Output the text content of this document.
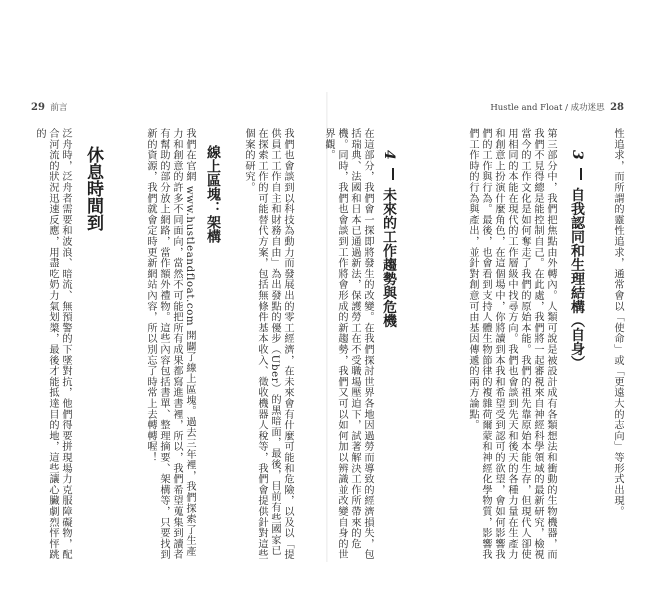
29 前言	Hustle and Float / 成功迷思 28
性追求，而所謂的靈性追求，通常會以「使命」或「更遠大的志向」等形式出現。
3  自我認同和生理結構（自身）
第三部分中，我們把焦點由外轉內。人類可說是被設計成有各類想法和衝動的生物機器，而我們不見得總是能控制自己。在此處，我們將一起審視來自神經科學領域的最新研究，檢視當今的工作文化是如何奪走了我們的原始本能。我們的祖先靠原始本能生存，但現代人卻使用相同的本能在現代的工作層級中找尋方向。我們也會談到先天和後天的各種力量在生產力和創意上扮演什麼角色，在這個場中，你將讀到本我和希望受到認可的欲望，會如何影響我們的工作與行為。最後，也會看到支持人體生物節律的複雜荷爾蒙和神經化學物質，影響我們工作時的行為與產出，並針對創意可由基因傳遞的兩方論點。
4  未來的工作趨勢與危機
在這部分，我們會一探即將發生的改變。在我們探討世界各地因過勞而導致的經濟損失，包括瑞典、法國和日本已通過新法，保護勞工在不受職場壓迫下，試著解決工作所帶來的危機。同時，我們也會談到工作將會形成的新趨勢，我們又可以如何加以辨識並改變自身的世界觀。
我們也會談到以科技為動力而發展出的零工經濟，在未來會有什麼可能和危險，以及以「提供員工工作自主和財務自由」為出發點的優步（Uber）的黑暗面，最後，目前有些國家已在探索工作的可能替代方案，包括無條件基本收入、徵收機器人稅等，我們會提供針對這些個案的研究。
線上區塊：架構
我們在官網 www.hustleandfloat.com 開闢了線上區塊。過去三年裡，我們探索了生產力和創意的許多不同面向，當然不可能把所有成果都寫進書裡，所以，我們希望蒐集到讀者有幫助的部分放上網路，當作額外禮物。這些內容包括書單、整理摘要、架構等，只要找到新的資源，我們就會定時更新網站內容，所以別忘了時常上去轉轉喔！
休息時間到
泛舟時，泛舟者需要和波浪、暗流、無預警的下墜對抗，他們得要拼現場力克服障礙物，配合河流的狀況迅速反應，用盡吃奶力氣划槳，最後才能抵達目的地，這些讓心臟劇烈怦怦跳的
